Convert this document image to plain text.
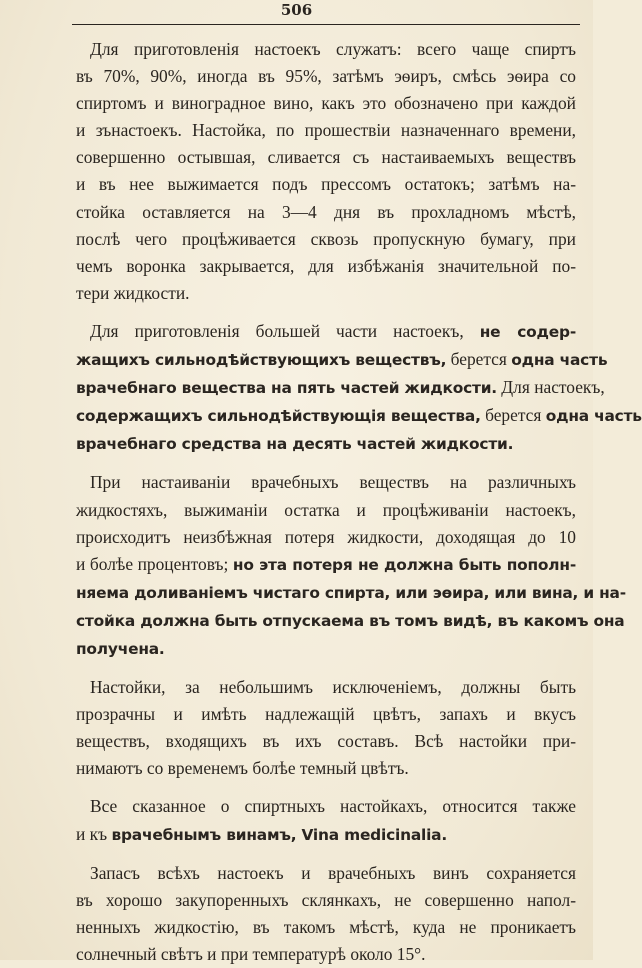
506
Для приготовленія настоекъ служатъ: всего чаще спиртъ
въ 70%, 90%, иногда въ 95%, затѣмъ эѳиръ, смѣсь эѳира со
спиртомъ и виноградное вино, какъ это обозначено при каждой
и зънастоекъ. Настойка, по прошествіи назначеннаго времени,
совершенно остывшая, сливается съ настаиваемыхъ веществъ
и въ нее выжимается подъ прессомъ остатокъ; затѣмъ на-
стойка оставляется на 3—4 дня въ прохладномъ мѣстѣ,
послѣ чего процѣживается сквозь пропускную бумагу, при
чемъ воронка закрывается, для избѣжанія значительной по-
тери жидкости.
Для приготовленія большей части настоекъ, не содер-
жащихъ сильнодѣйствующихъ веществъ, берется одна часть
врачебнаго вещества на пять частей жидкости. Для настоекъ,
содержащихъ сильнодѣйствующія вещества, берется одна часть
врачебнаго средства на десять частей жидкости.
При настаиваніи врачебныхъ веществъ на различныхъ
жидкостяхъ, выжиманіи остатка и процѣживаніи настоекъ,
происходитъ неизбѣжная потеря жидкости, доходящая до 10
и болѣе процентовъ; но эта потеря не должна быть пополн-
няема доливаніемъ чистаго спирта, или эѳира, или вина, и на-
стойка должна быть отпускаема въ томъ видѣ, въ какомъ она
получена.
Настойки, за небольшимъ исключеніемъ, должны быть
прозрачны и имѣть надлежащій цвѣтъ, запахъ и вкусъ
веществъ, входящихъ въ ихъ составъ. Всѣ настойки при-
нимаютъ со временемъ болѣе темный цвѣтъ.
Все сказанное о спиртныхъ настойкахъ, относится также
и къ врачебнымъ винамъ, Vina medicinalia.
Запасъ всѣхъ настоекъ и врачебныхъ винъ сохраняется
въ хорошо закупоренныхъ склянкахъ, не совершенно напол-
ненныхъ жидкостію, въ такомъ мѣстѣ, куда не проникаетъ
солнечный свѣтъ и при температурѣ около 15°.
